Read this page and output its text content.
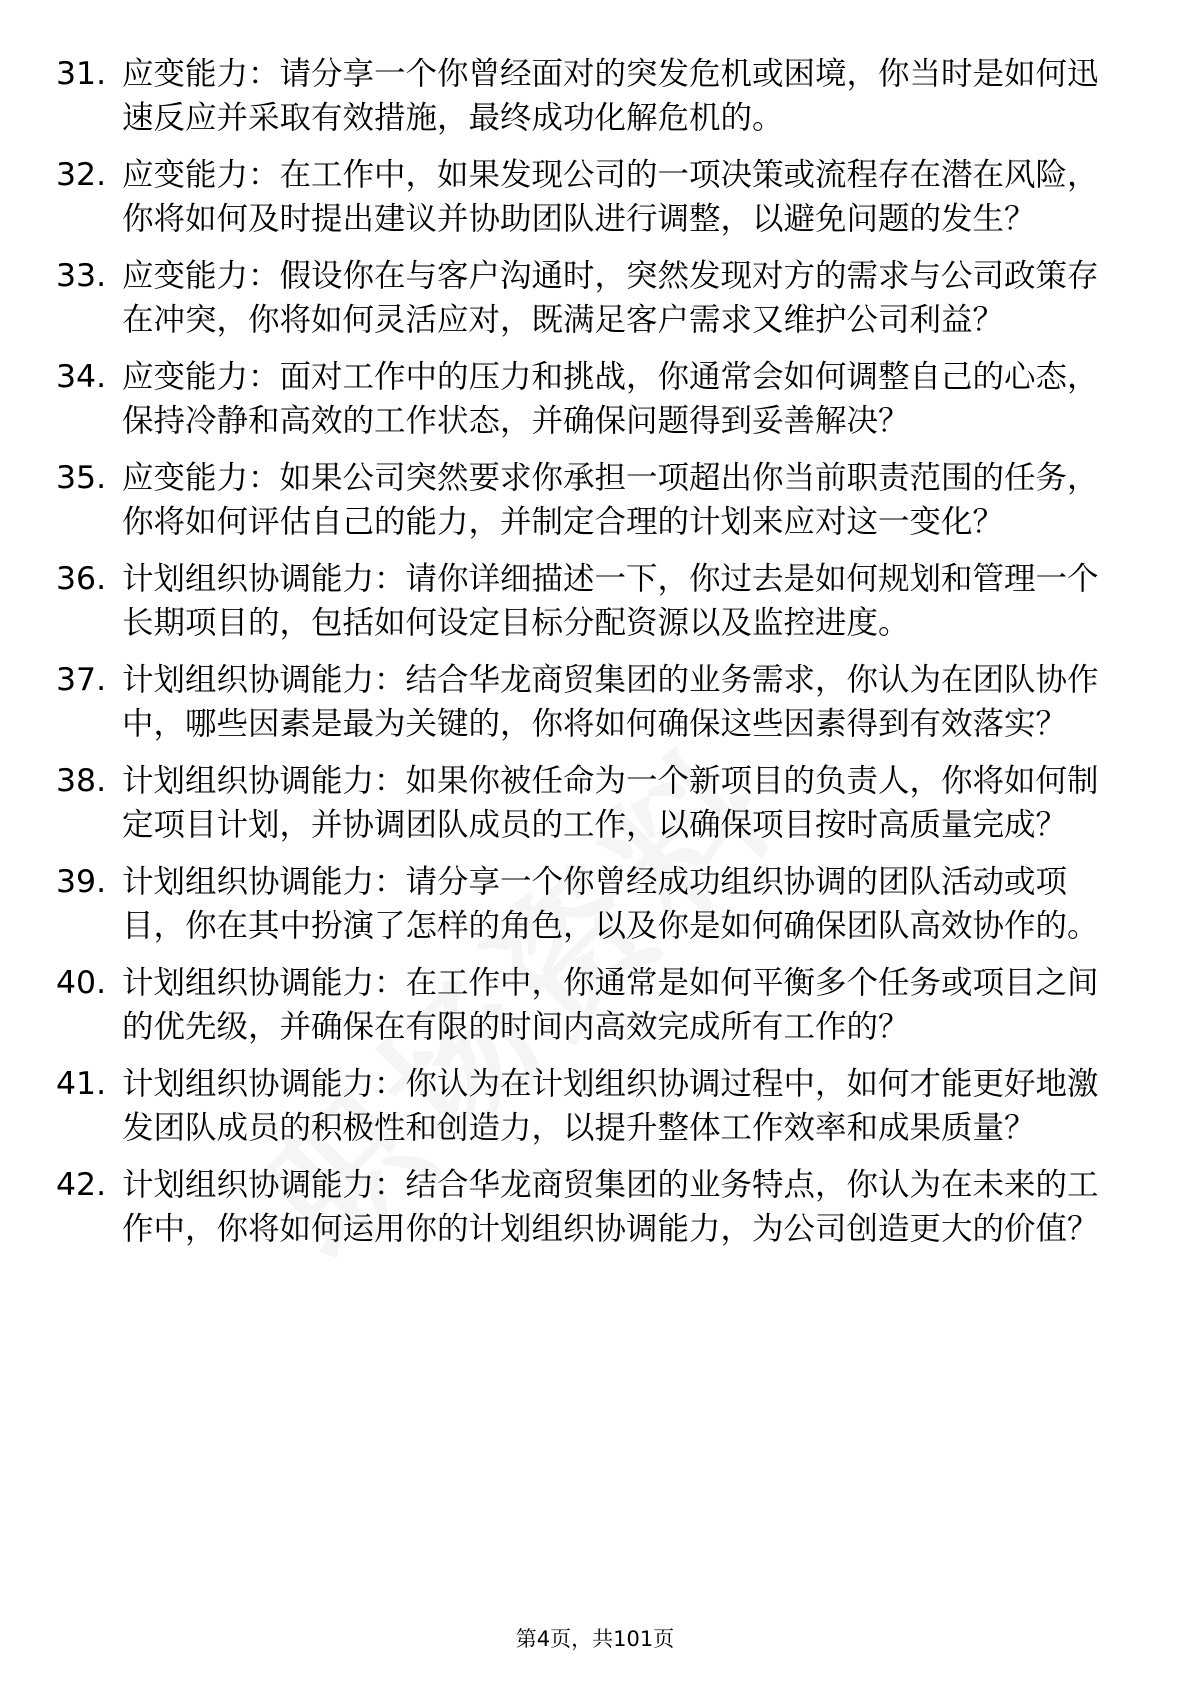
31. 应变能力：请分享一个你曾经面对的突发危机或困境，你当时是如何迅速反应并采取有效措施，最终成功化解危机的。
32. 应变能力：在工作中，如果发现公司的一项决策或流程存在潜在风险，你将如何及时提出建议并协助团队进行调整，以避免问题的发生？
33. 应变能力：假设你在与客户沟通时，突然发现对方的需求与公司政策存在冲突，你将如何灵活应对，既满足客户需求又维护公司利益？
34. 应变能力：面对工作中的压力和挑战，你通常会如何调整自己的心态，保持冷静和高效的工作状态，并确保问题得到妥善解决？
35. 应变能力：如果公司突然要求你承担一项超出你当前职责范围的任务，你将如何评估自己的能力，并制定合理的计划来应对这一变化？
36. 计划组织协调能力：请你详细描述一下，你过去是如何规划和管理一个长期项目的，包括如何设定目标分配资源以及监控进度。
37. 计划组织协调能力：结合华龙商贸集团的业务需求，你认为在团队协作中，哪些因素是最为关键的，你将如何确保这些因素得到有效落实？
38. 计划组织协调能力：如果你被任命为一个新项目的负责人，你将如何制定项目计划，并协调团队成员的工作，以确保项目按时高质量完成？
39. 计划组织协调能力：请分享一个你曾经成功组织协调的团队活动或项目，你在其中扮演了怎样的角色，以及你是如何确保团队高效协作的。
40. 计划组织协调能力：在工作中，你通常是如何平衡多个任务或项目之间的优先级，并确保在有限的时间内高效完成所有工作的？
41. 计划组织协调能力：你认为在计划组织协调过程中，如何才能更好地激发团队成员的积极性和创造力，以提升整体工作效率和成果质量？
42. 计划组织协调能力：结合华龙商贸集团的业务特点，你认为在未来的工作中，你将如何运用你的计划组织协调能力，为公司创造更大的价值？
第4页，共101页
